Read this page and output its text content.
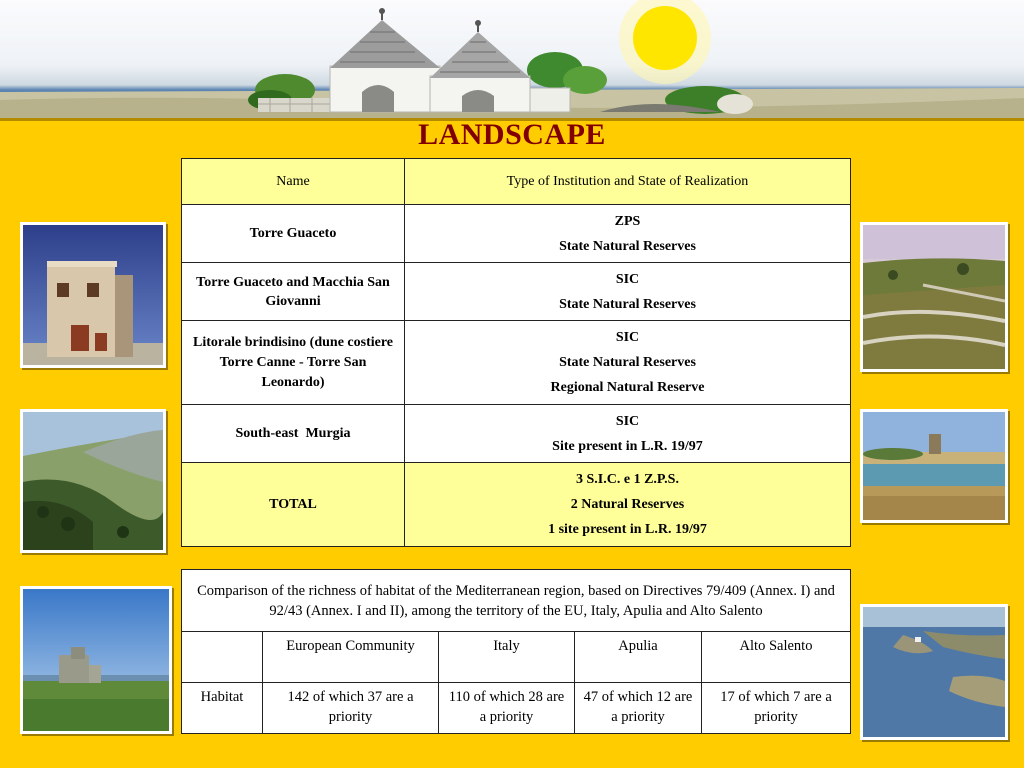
LANDSCAPE
Name	Type of Institution and State of Realization
Torre Guaceto	ZPS
State Natural Reserves

Torre Guaceto and Macchia San Giovanni	SIC
State Natural Reserves

Litorale brindisino (dune costiere Torre Canne - Torre San Leonardo)	SIC
State Natural Reserves
Regional Natural Reserve

South-east  Murgia	SIC
Site present in L.R. 19/97

TOTAL	3 S.I.C. e 1 Z.P.S.
2 Natural Reserves
1 site present in L.R. 19/97
Comparison of the richness of habitat of the Mediterranean region, based on Directives 79/409 (Annex. I) and 92/43 (Annex. I and II), among the territory of the EU, Italy, Apulia and Alto Salento				
	European Community	Italy	Apulia	Alto Salento
Habitat	142 of which 37 are a priority	110 of which 28 are a priority	47 of which 12 are a priority	17 of which 7 are a priority
